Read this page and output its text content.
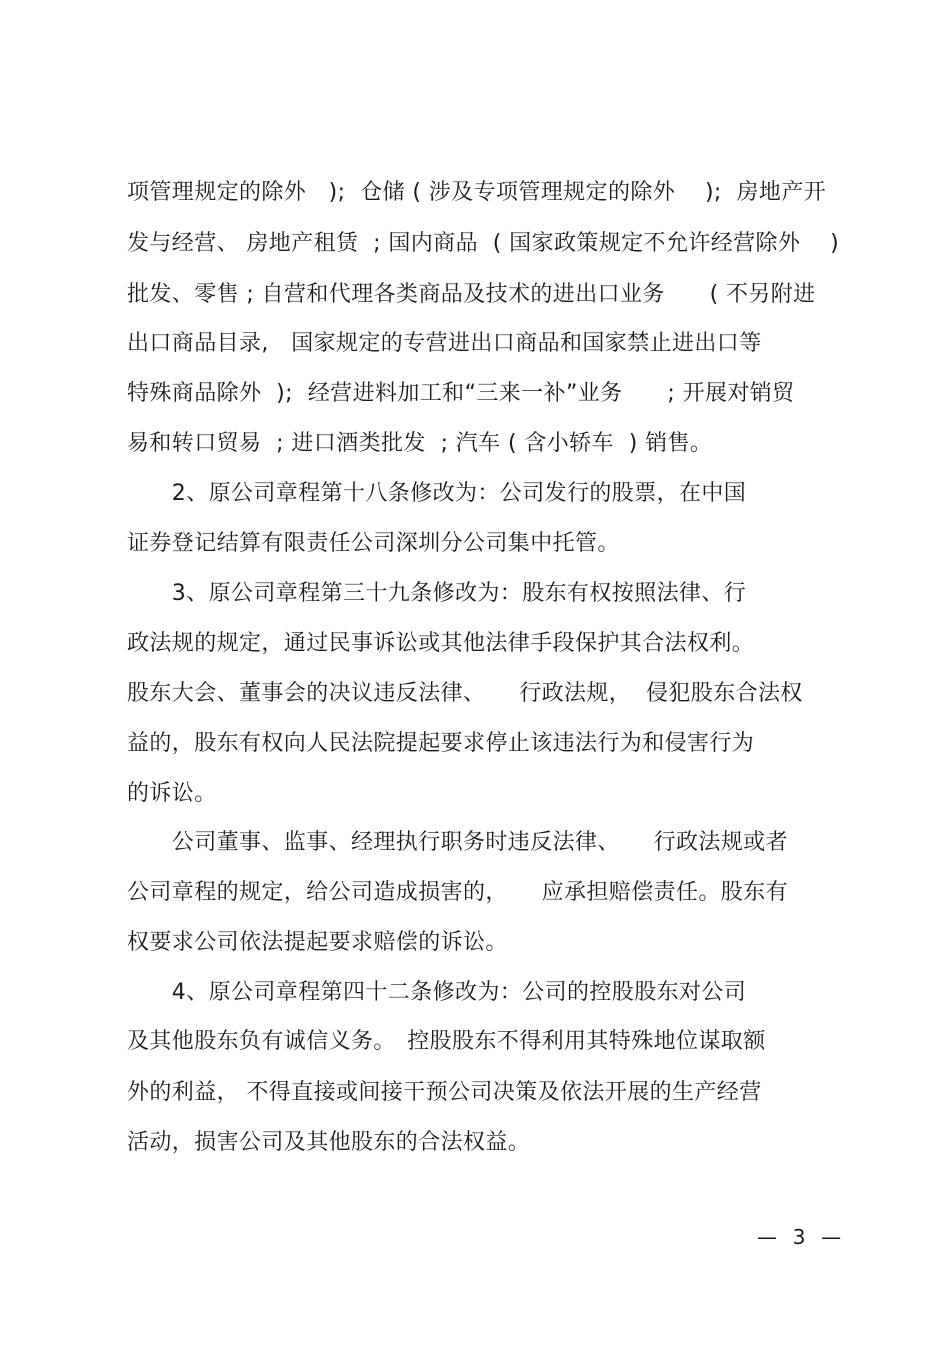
项管理规定的除外　);  仓储 ( 涉及专项管理规定的除外　 );  房地产开
发与经营、 房地产租赁  ; 国内商品  ( 国家政策规定不允许经营除外　 )
批发、零售 ; 自营和代理各类商品及技术的进出口业务　　( 不另附进
出口商品目录,　国家规定的专营进出口商品和国家禁止进出口等
特殊商品除外  );  经营进料加工和“三来一补”业务　　; 开展对销贸
易和转口贸易  ; 进口酒类批发  ; 汽车 ( 含小轿车  ) 销售。
　　2、原公司章程第十八条修改为：公司发行的股票，在中国
证券登记结算有限责任公司深圳分公司集中托管。
　　3、原公司章程第三十九条修改为：股东有权按照法律、行
政法规的规定，通过民事诉讼或其他法律手段保护其合法权利。
股东大会、董事会的决议违反法律、　　行政法规，  侵犯股东合法权
益的，股东有权向人民法院提起要求停止该违法行为和侵害行为
的诉讼。
　　公司董事、监事、经理执行职务时违反法律、　　行政法规或者
公司章程的规定，给公司造成损害的，　　应承担赔偿责任。股东有
权要求公司依法提起要求赔偿的诉讼。
　　4、原公司章程第四十二条修改为：公司的控股股东对公司
及其他股东负有诚信义务。　控股股东不得利用其特殊地位谋取额
外的利益， 不得直接或间接干预公司决策及依法开展的生产经营
活动，损害公司及其他股东的合法权益。
—  3  —
